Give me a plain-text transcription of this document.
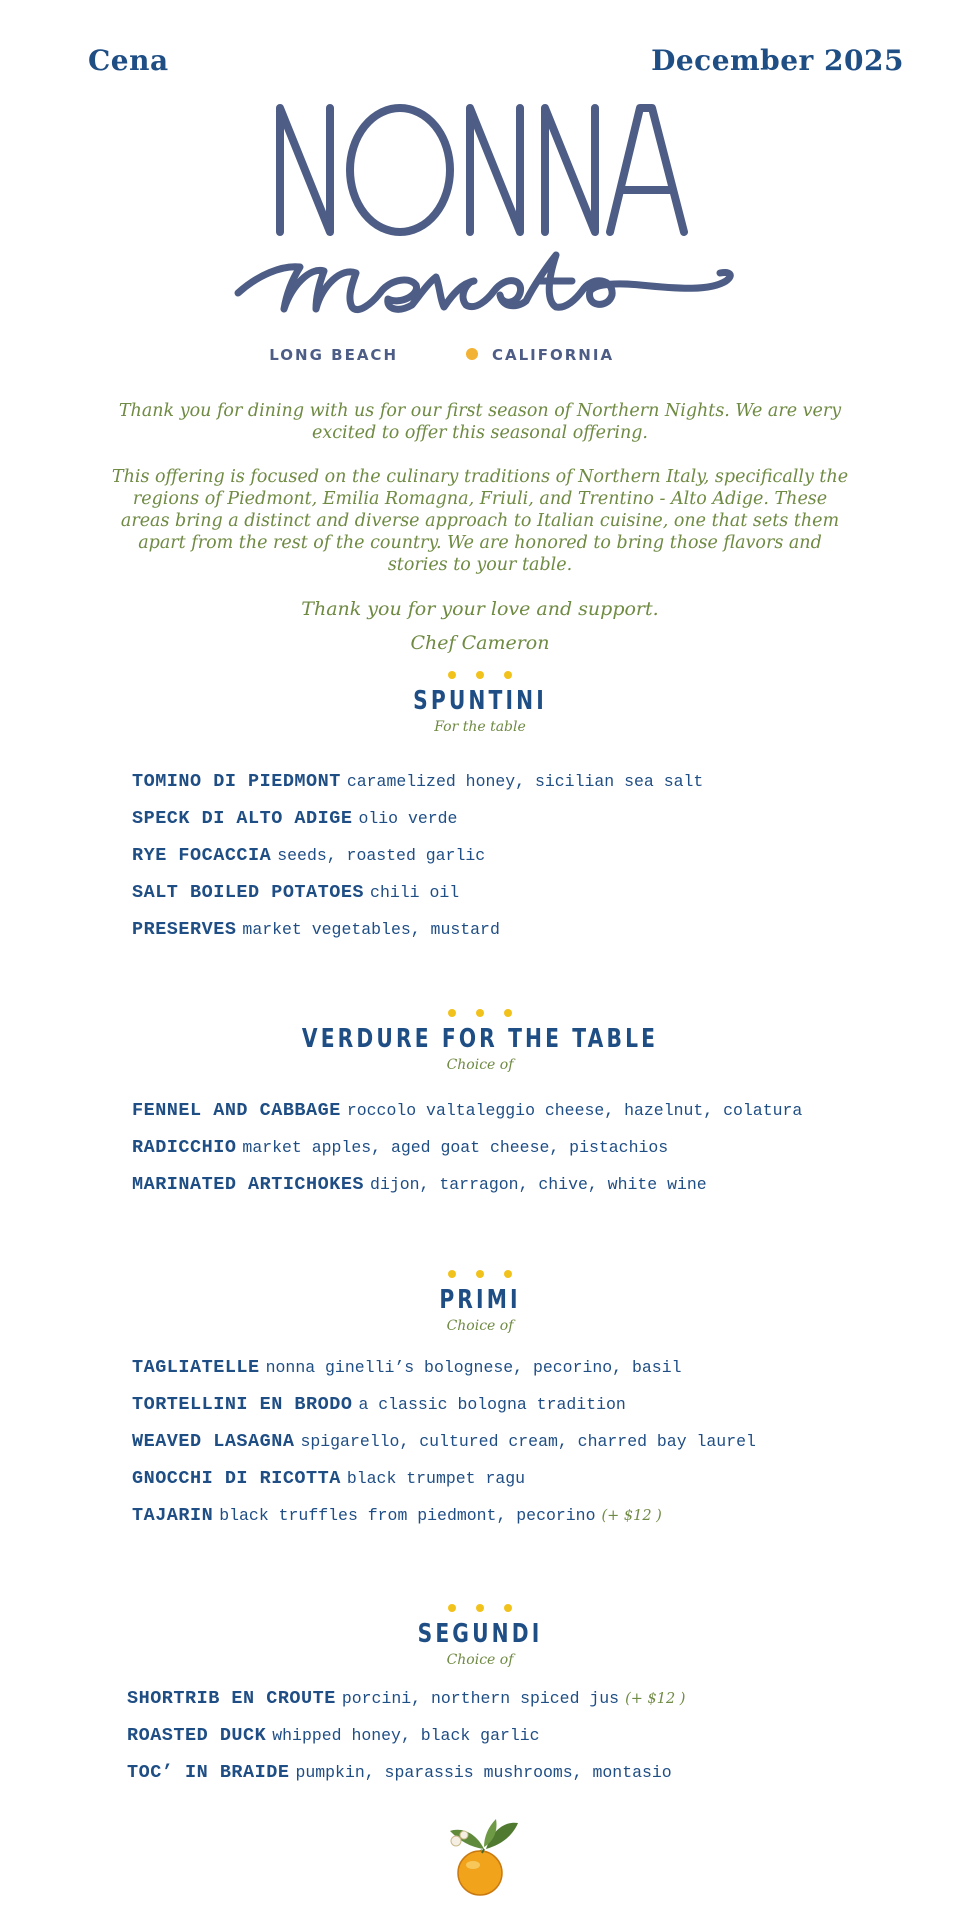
Cena	December 2025
LONG BEACH	CALIFORNIA

Thank you for dining with us for our first season of Northern Nights. We are very excited to offer this seasonal offering.

This offering is focused on the culinary traditions of Northern Italy, specifically the regions of Piedmont, Emilia Romagna, Friuli, and Trentino - Alto Adige. These areas bring a distinct and diverse approach to Italian cuisine, one that sets them apart from the rest of the country. We are honored to bring those flavors and stories to your table.

Thank you for your love and support.

Chef Cameron

SPUNTINI
For the table
TOMINO DI PIEDMONT caramelized honey, sicilian sea salt
SPECK DI ALTO ADIGE olio verde
RYE FOCACCIA seeds, roasted garlic
SALT BOILED POTATOES chili oil
PRESERVES market vegetables, mustard
VERDURE FOR THE TABLE
Choice of
FENNEL AND CABBAGE roccolo valtaleggio cheese, hazelnut, colatura
RADICCHIO market apples, aged goat cheese, pistachios
MARINATED ARTICHOKES dijon, tarragon, chive, white wine
PRIMI
Choice of
TAGLIATELLE nonna ginelli’s bolognese, pecorino, basil
TORTELLINI EN BRODO a classic bologna tradition
WEAVED LASAGNA spigarello, cultured cream, charred bay laurel
GNOCCHI DI RICOTTA black trumpet ragu
TAJARIN black truffles from piedmont, pecorino (+ $12 )
SEGUNDI
Choice of
SHORTRIB EN CROUTE porcini, northern spiced jus (+ $12 )
ROASTED DUCK whipped honey, black garlic
TOC’ IN BRAIDE pumpkin, sparassis mushrooms, montasio
